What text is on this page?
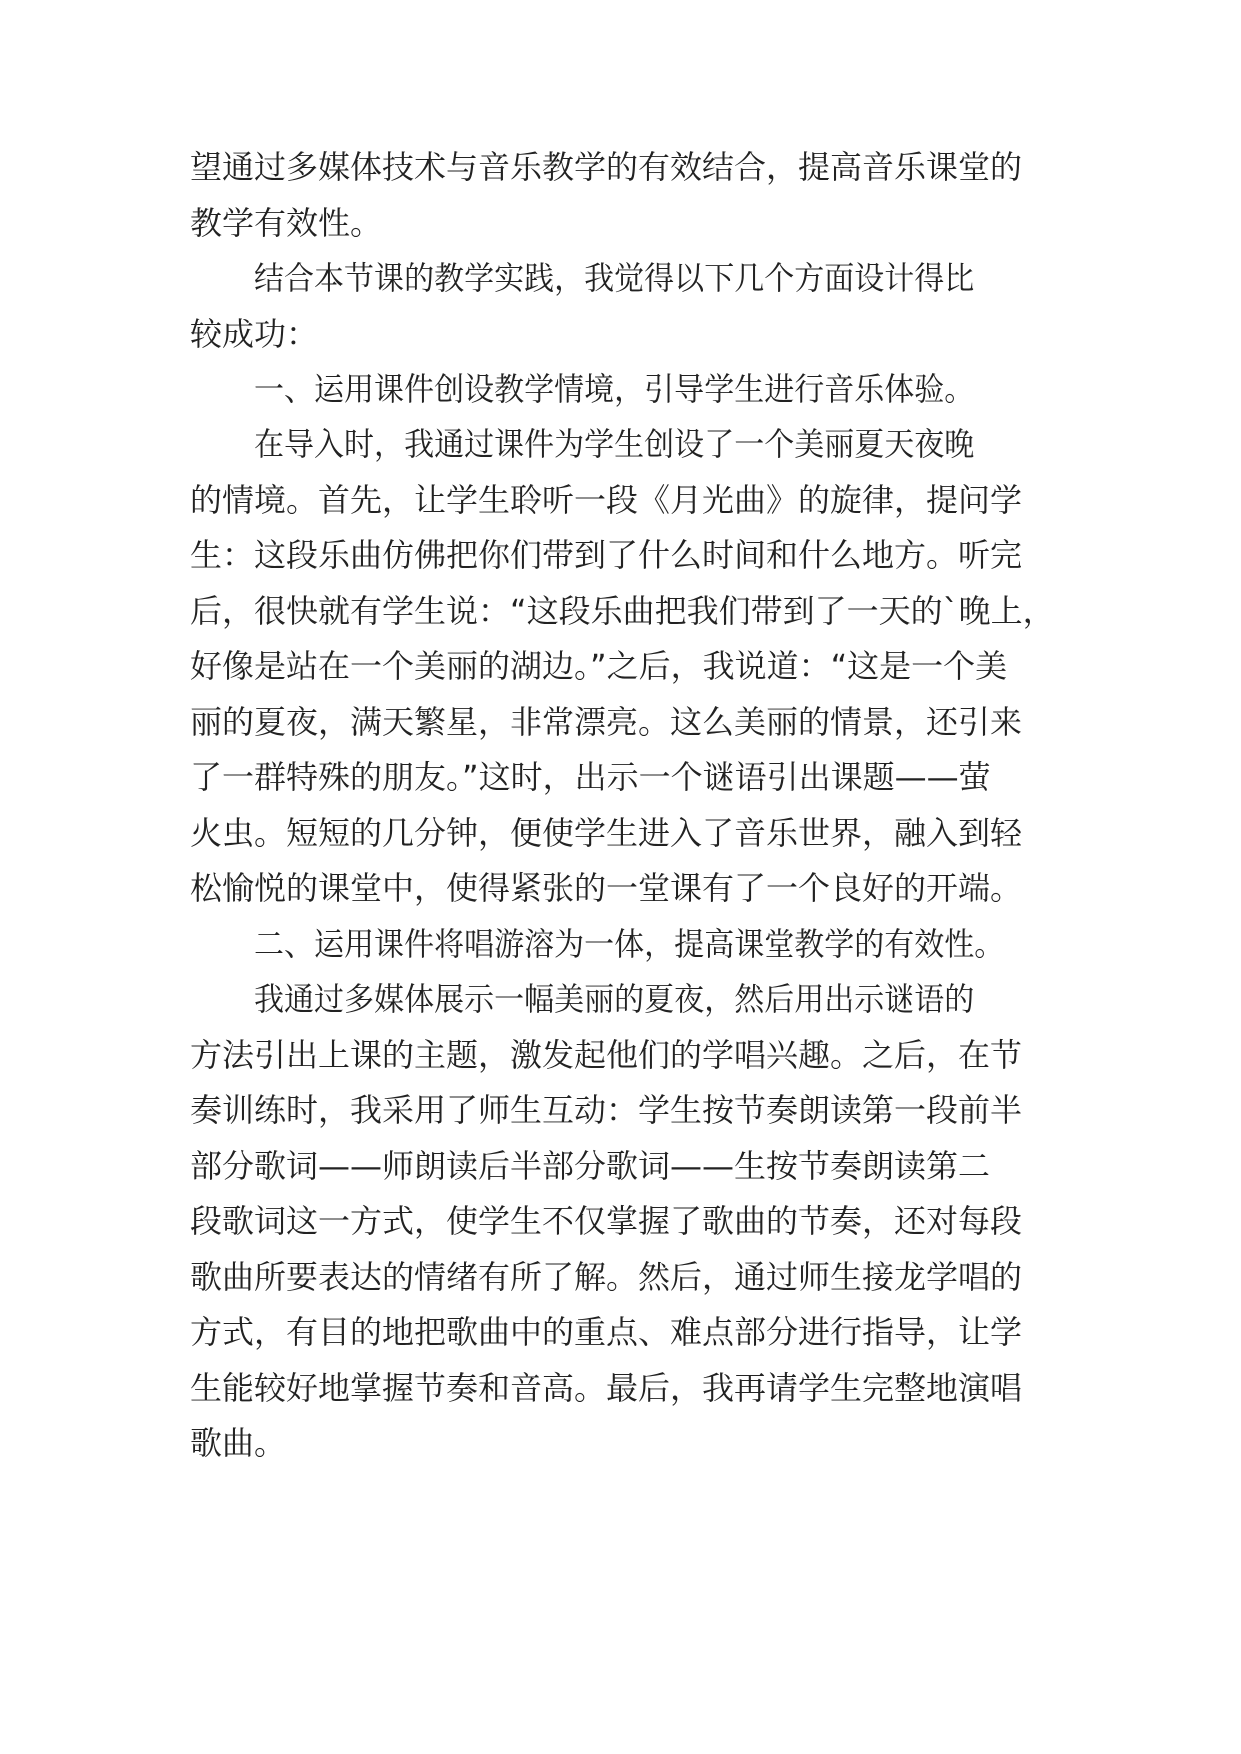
望通过多媒体技术与音乐教学的有效结合，提高音乐课堂的
教学有效性。
结合本节课的教学实践，我觉得以下几个方面设计得比
较成功：
一、运用课件创设教学情境，引导学生进行音乐体验。
在导入时，我通过课件为学生创设了一个美丽夏天夜晚
的情境。首先，让学生聆听一段《月光曲》的旋律，提问学
生：这段乐曲仿佛把你们带到了什么时间和什么地方。听完
后，很快就有学生说：“这段乐曲把我们带到了一天的`晚上，
好像是站在一个美丽的湖边。”之后，我说道：“这是一个美
丽的夏夜，满天繁星，非常漂亮。这么美丽的情景，还引来
了一群特殊的朋友。”这时，出示一个谜语引出课题——萤
火虫。短短的几分钟，便使学生进入了音乐世界，融入到轻
松愉悦的课堂中，使得紧张的一堂课有了一个良好的开端。
二、运用课件将唱游溶为一体，提高课堂教学的有效性。
我通过多媒体展示一幅美丽的夏夜，然后用出示谜语的
方法引出上课的主题，激发起他们的学唱兴趣。之后，在节
奏训练时，我采用了师生互动：学生按节奏朗读第一段前半
部分歌词——师朗读后半部分歌词——生按节奏朗读第二
段歌词这一方式，使学生不仅掌握了歌曲的节奏，还对每段
歌曲所要表达的情绪有所了解。然后，通过师生接龙学唱的
方式，有目的地把歌曲中的重点、难点部分进行指导，让学
生能较好地掌握节奏和音高。最后，我再请学生完整地演唱
歌曲。
